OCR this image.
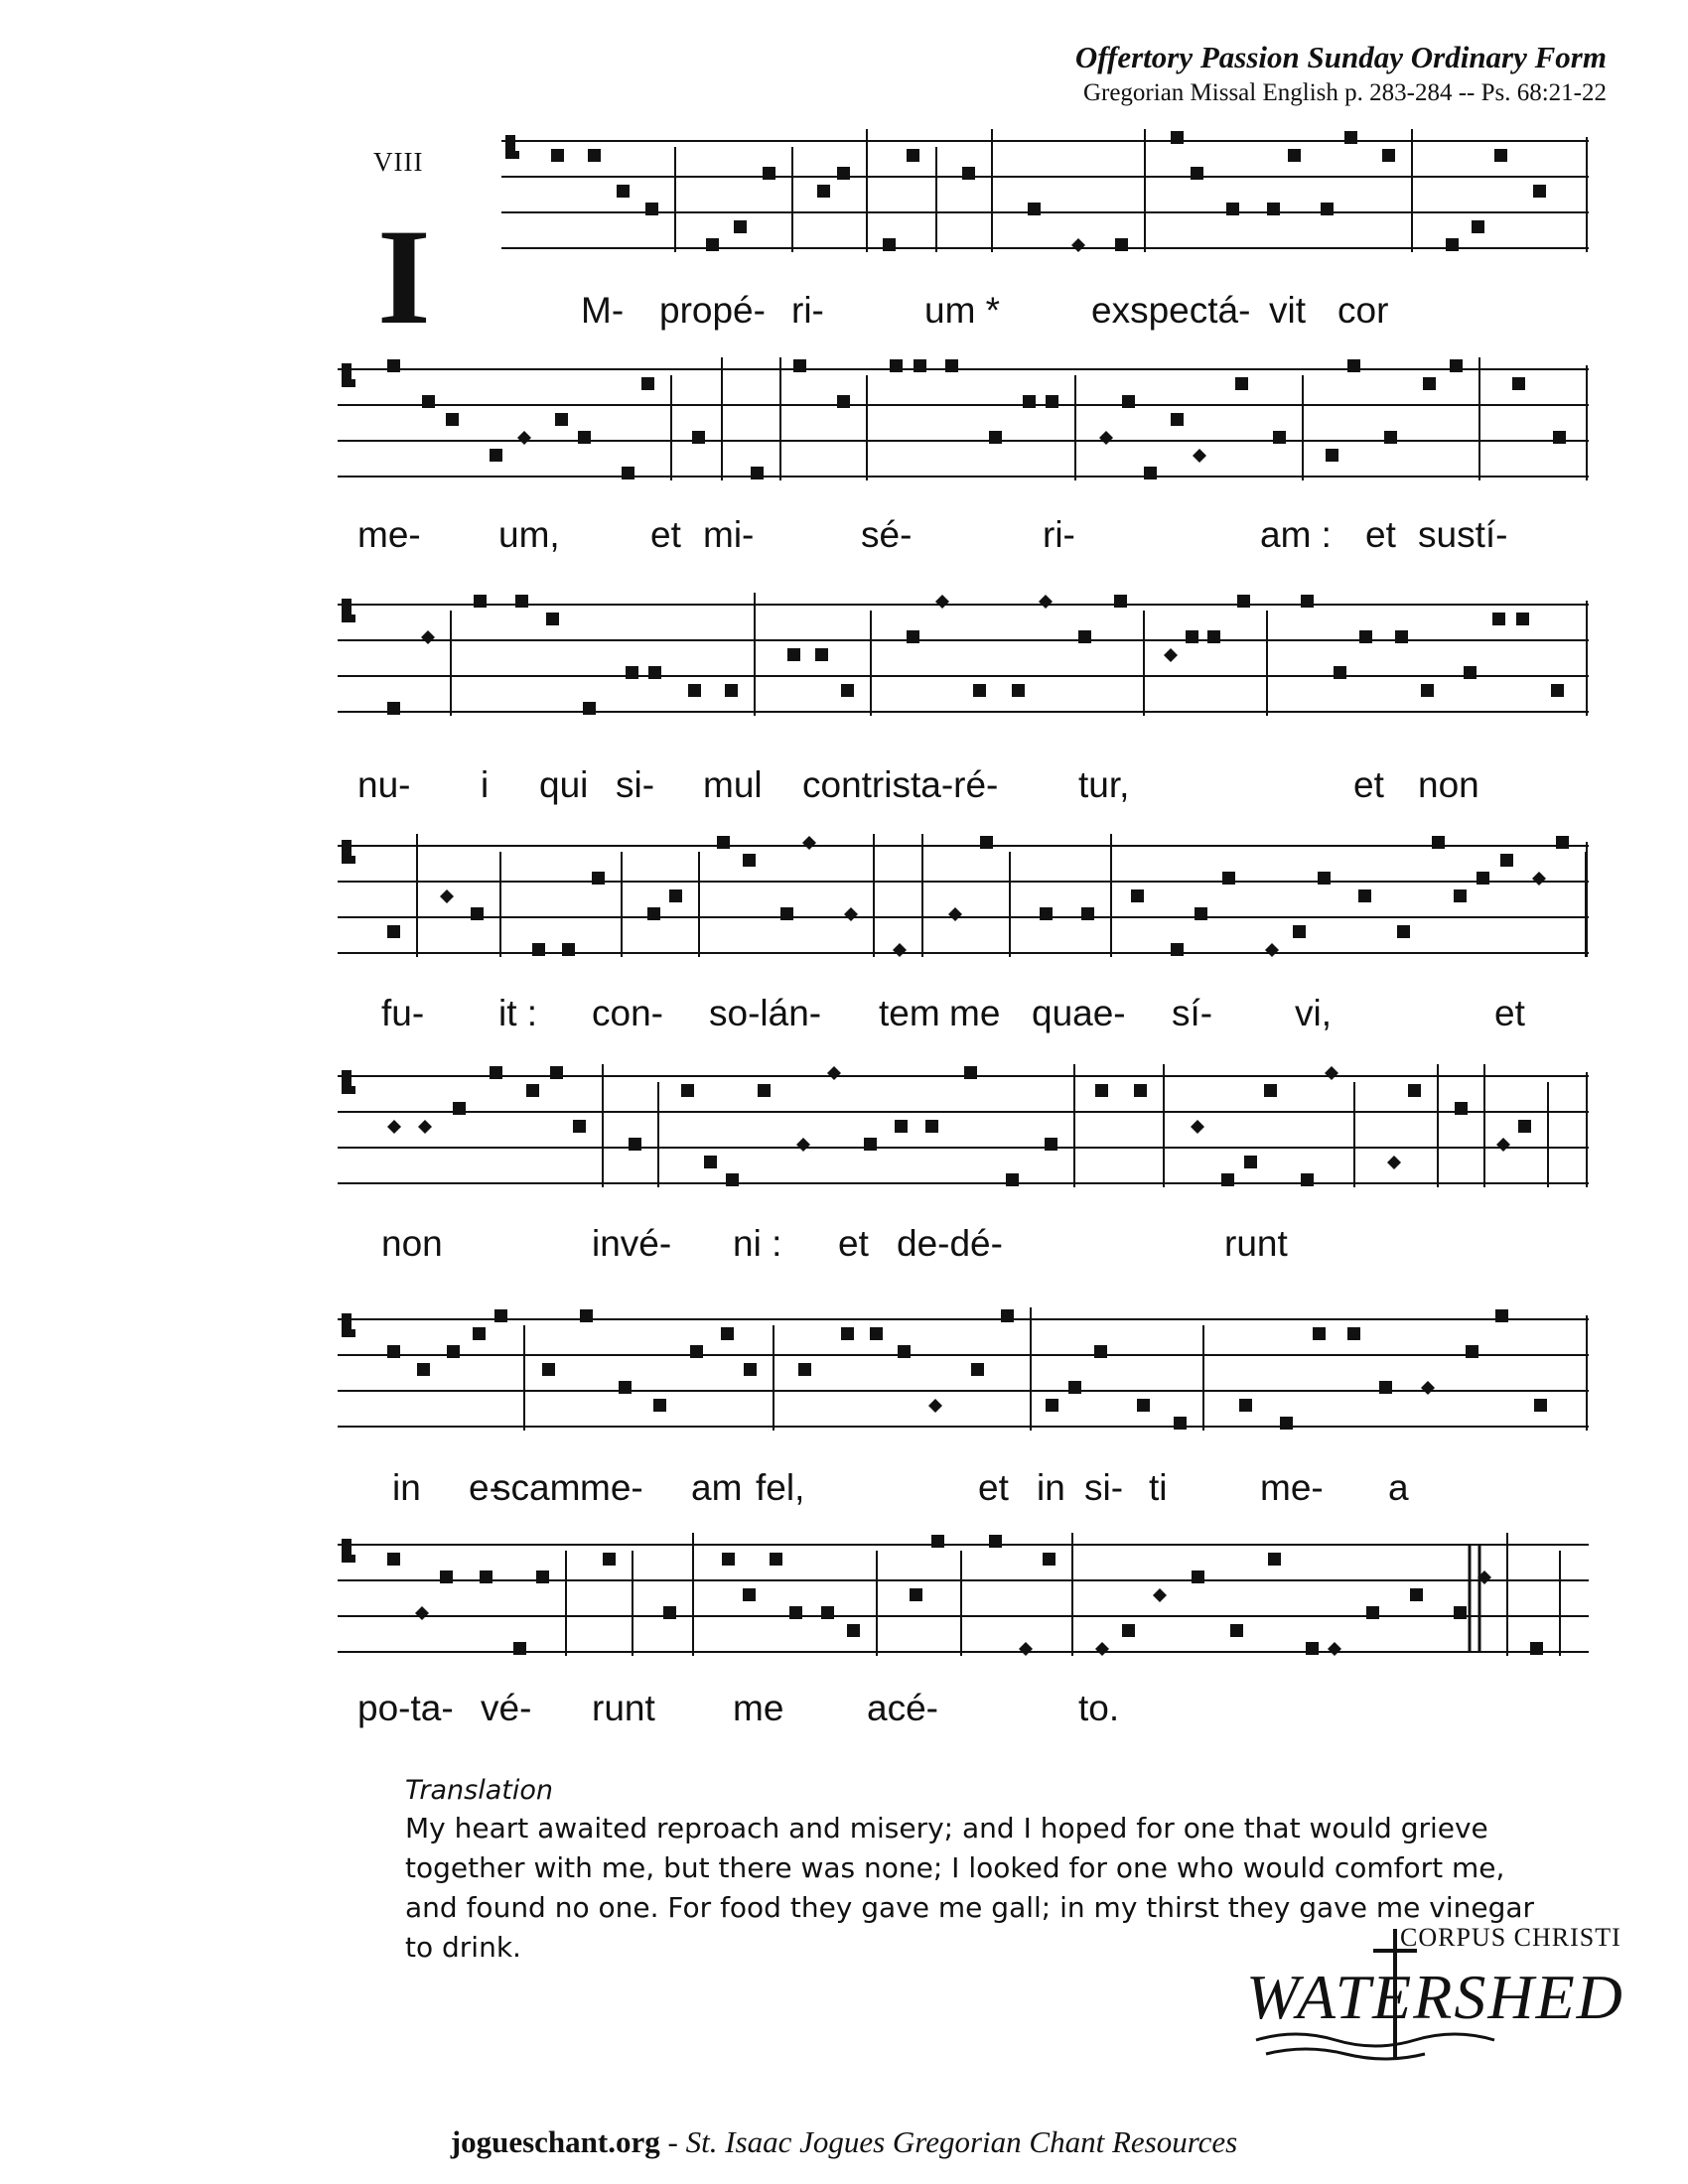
Offertory Passion Sunday Ordinary Form
Gregorian Missal English p. 283-284 -- Ps. 68:21-22
VIII
I	M- propé- ri-	um * exspectá- vit cor
me- um, et mi-	sé-	ri-	am : et sustí-
nu- i qui si- mul contrista-ré- tur,	et non
fu- it : con- so-lán- tem me quae- sí- vi,	et
non	invé- ni : et de-dé-	runt
in e-
scam me- am fel,	et in si- ti	me- a
po-ta- vé- runt me acé-	to.
Translation
My heart awaited reproach and misery; and I hoped for one that would grieve together with me, but there was none; I looked for one who would comfort me, and found no one. For food they gave me gall; in my thirst they gave me vinegar to drink.	CORPUS CHRISTI
WATERSHED
jogueschant.org - St. Isaac Jogues Gregorian Chant Resources
